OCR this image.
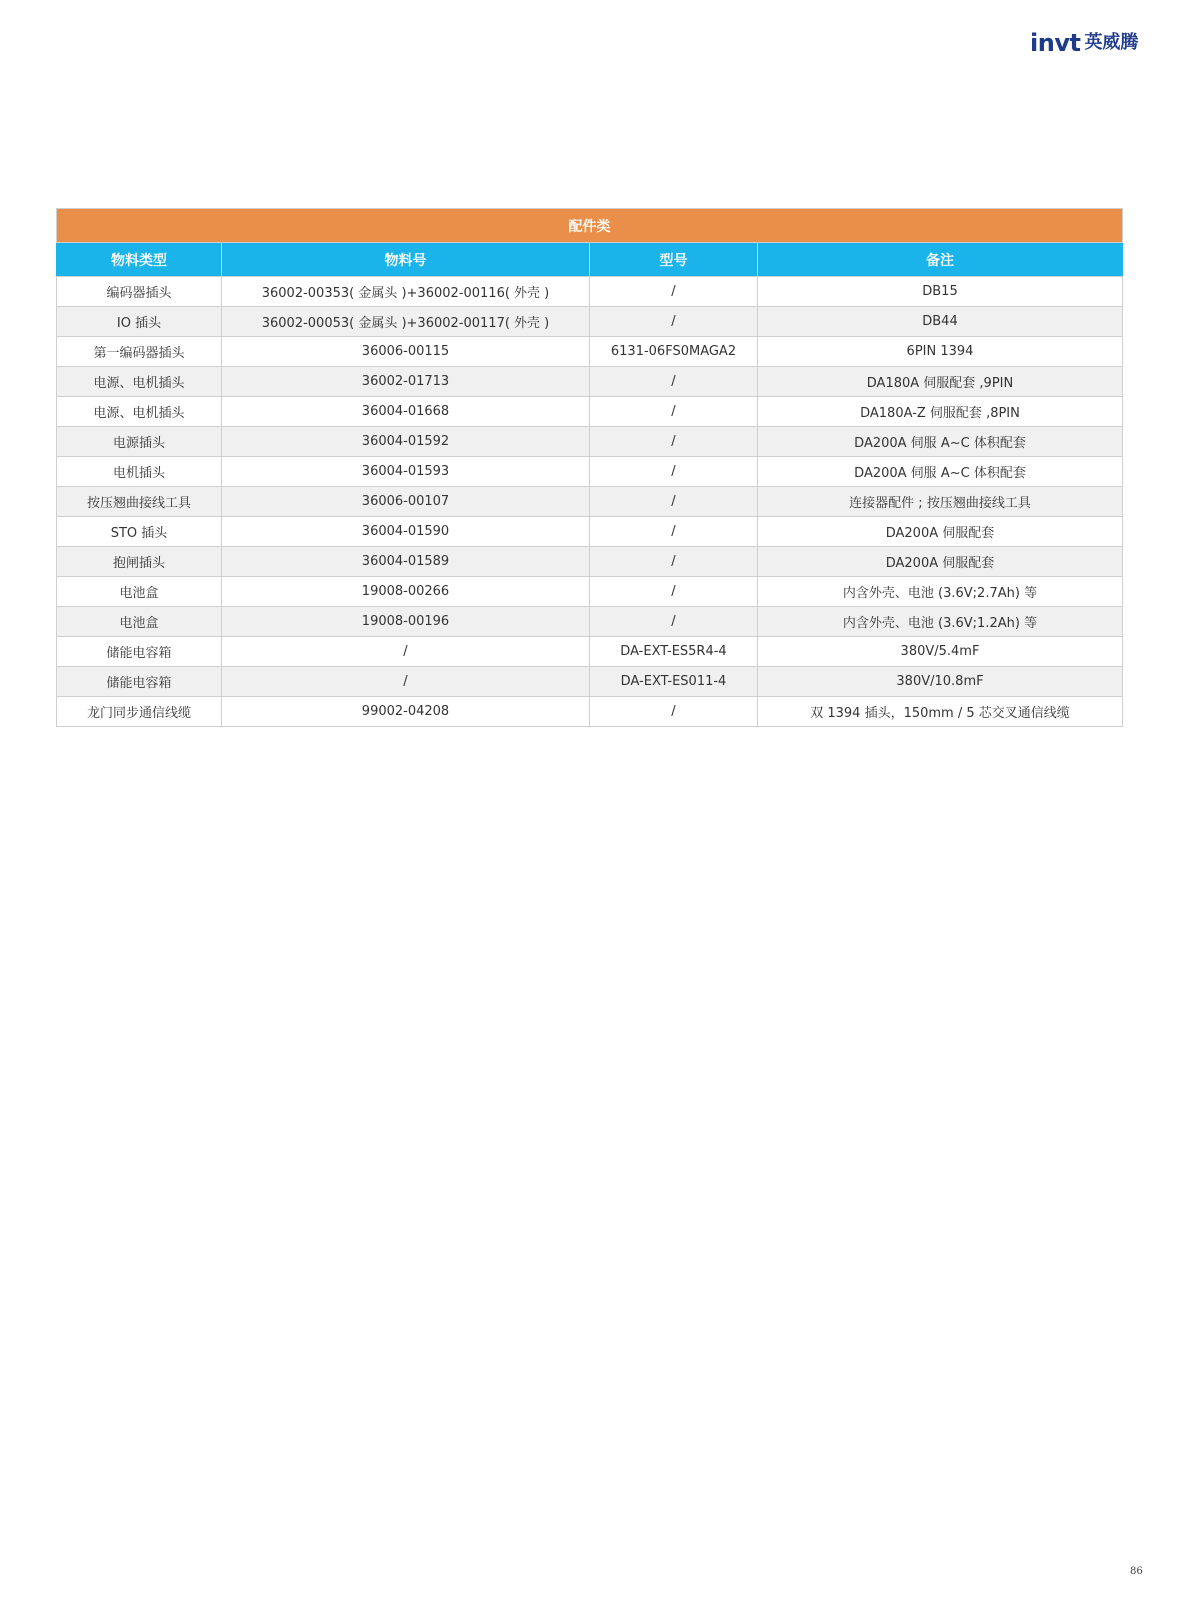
invt 英威腾
配件类			
物料类型	物料号	型号	备注
编码器插头	36002-00353( 金属头 )+36002-00116( 外壳 )	/	DB15
IO 插头	36002-00053( 金属头 )+36002-00117( 外壳 )	/	DB44
第一编码器插头	36006-00115	6131-06FS0MAGA2	6PIN 1394
电源、电机插头	36002-01713	/	DA180A 伺服配套 ,9PIN
电源、电机插头	36004-01668	/	DA180A-Z 伺服配套 ,8PIN
电源插头	36004-01592	/	DA200A 伺服 A~C 体积配套
电机插头	36004-01593	/	DA200A 伺服 A~C 体积配套
按压翘曲接线工具	36006-00107	/	连接器配件 ; 按压翘曲接线工具
STO 插头	36004-01590	/	DA200A 伺服配套
抱闸插头	36004-01589	/	DA200A 伺服配套
电池盒	19008-00266	/	内含外壳、电池 (3.6V;2.7Ah) 等
电池盒	19008-00196	/	内含外壳、电池 (3.6V;1.2Ah) 等
储能电容箱	/	DA-EXT-ES5R4-4	380V/5.4mF
储能电容箱	/	DA-EXT-ES011-4	380V/10.8mF
龙门同步通信线缆	99002-04208	/	双 1394 插头，150mm / 5 芯交叉通信线缆
86
